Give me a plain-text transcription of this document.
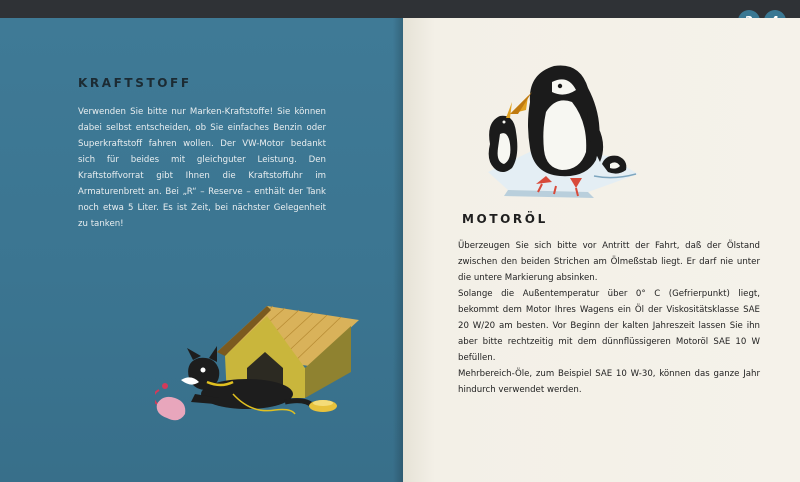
KRAFTSTOFF
Verwenden Sie bitte nur Marken-Kraftstoffe! Sie können dabei selbst entscheiden, ob Sie einfaches Benzin oder Superkraftstoff fahren wollen. Der VW-Motor bedankt sich für beides mit gleichguter Leistung. Den Kraftstoffvorrat gibt Ihnen die Kraftstoffuhr im Armaturenbrett an. Bei „R“ – Reserve – enthält der Tank noch etwa 5 Liter. Es ist Zeit, bei nächster Gelegenheit zu tanken!	MOTORÖL

Überzeugen Sie sich bitte vor Antritt der Fahrt, daß der Ölstand zwischen den beiden Strichen am Ölmeßstab liegt. Er darf nie unter die untere Markierung absinken.

Solange die Außentemperatur über 0° C (Gefrierpunkt) liegt, bekommt dem Motor Ihres Wagens ein Öl der Viskositätsklasse SAE 20 W/20 am besten. Vor Beginn der kalten Jahreszeit lassen Sie ihn aber bitte rechtzeitig mit dem dünnflüssigeren Motoröl SAE 10 W befüllen.

Mehrbereich-Öle, zum Beispiel SAE 10 W-30, können das ganze Jahr hindurch verwendet werden.
